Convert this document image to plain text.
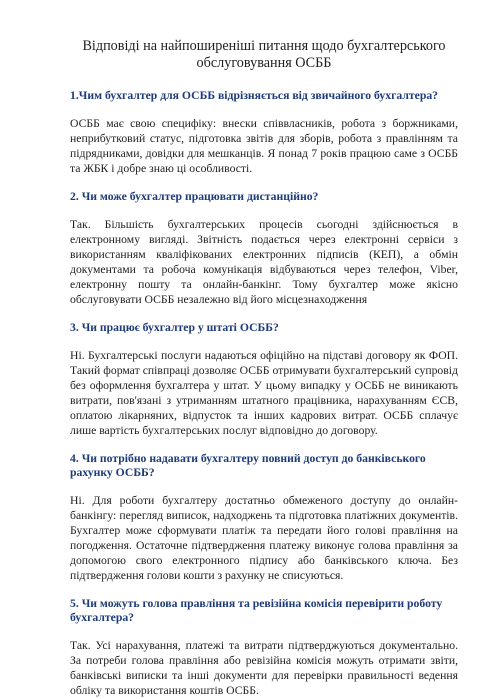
Відповіді на найпоширеніші питання щодо бухгалтерського
обслуговування ОСББ
1.Чим бухгалтер для ОСББ відрізняється від звичайного бухгалтера?
ОСББ має свою специфіку: внески співвласників, робота з боржниками, неприбутковий статус, підготовка звітів для зборів, робота з правлінням та підрядниками, довідки для мешканців. Я понад 7 років працюю саме з ОСББ та ЖБК і добре знаю ці особливості.
2. Чи може бухгалтер працювати дистанційно?
Так. Більшість бухгалтерських процесів сьогодні здійснюється в електронному вигляді. Звітність подається через електронні сервіси з використанням кваліфікованих електронних підписів (КЕП), а обмін документами та робоча комунікація відбуваються через телефон, Viber, електронну пошту та онлайн-банкінг. Тому бухгалтер може якісно обслуговувати ОСББ незалежно від його місцезнаходження
3. Чи працює бухгалтер у штаті ОСББ?
Ні. Бухгалтерські послуги надаються офіційно на підставі договору як ФОП. Такий формат співпраці дозволяє ОСББ отримувати бухгалтерський супровід без оформлення бухгалтера у штат. У цьому випадку у ОСББ не виникають витрати, пов'язані з утриманням штатного працівника, нарахуванням ЄСВ, оплатою лікарняних, відпусток та інших кадрових витрат. ОСББ сплачує лише вартість бухгалтерських послуг відповідно до договору.
4. Чи потрібно надавати бухгалтеру повний доступ до банківського рахунку ОСББ?
Ні. Для роботи бухгалтеру достатньо обмеженого доступу до онлайн-банкінгу: перегляд виписок, надходжень та підготовка платіжних документів. Бухгалтер може сформувати платіж та передати його голові правління на погодження. Остаточне підтвердження платежу виконує голова правління за допомогою свого електронного підпису або банківського ключа. Без підтвердження голови кошти з рахунку не списуються.
5. Чи можуть голова правління та ревізійна комісія перевірити роботу бухгалтера?
Так. Усі нарахування, платежі та витрати підтверджуються документально. За потреби голова правління або ревізійна комісія можуть отримати звіти, банківські виписки та інші документи для перевірки правильності ведення обліку та використання коштів ОСББ.
